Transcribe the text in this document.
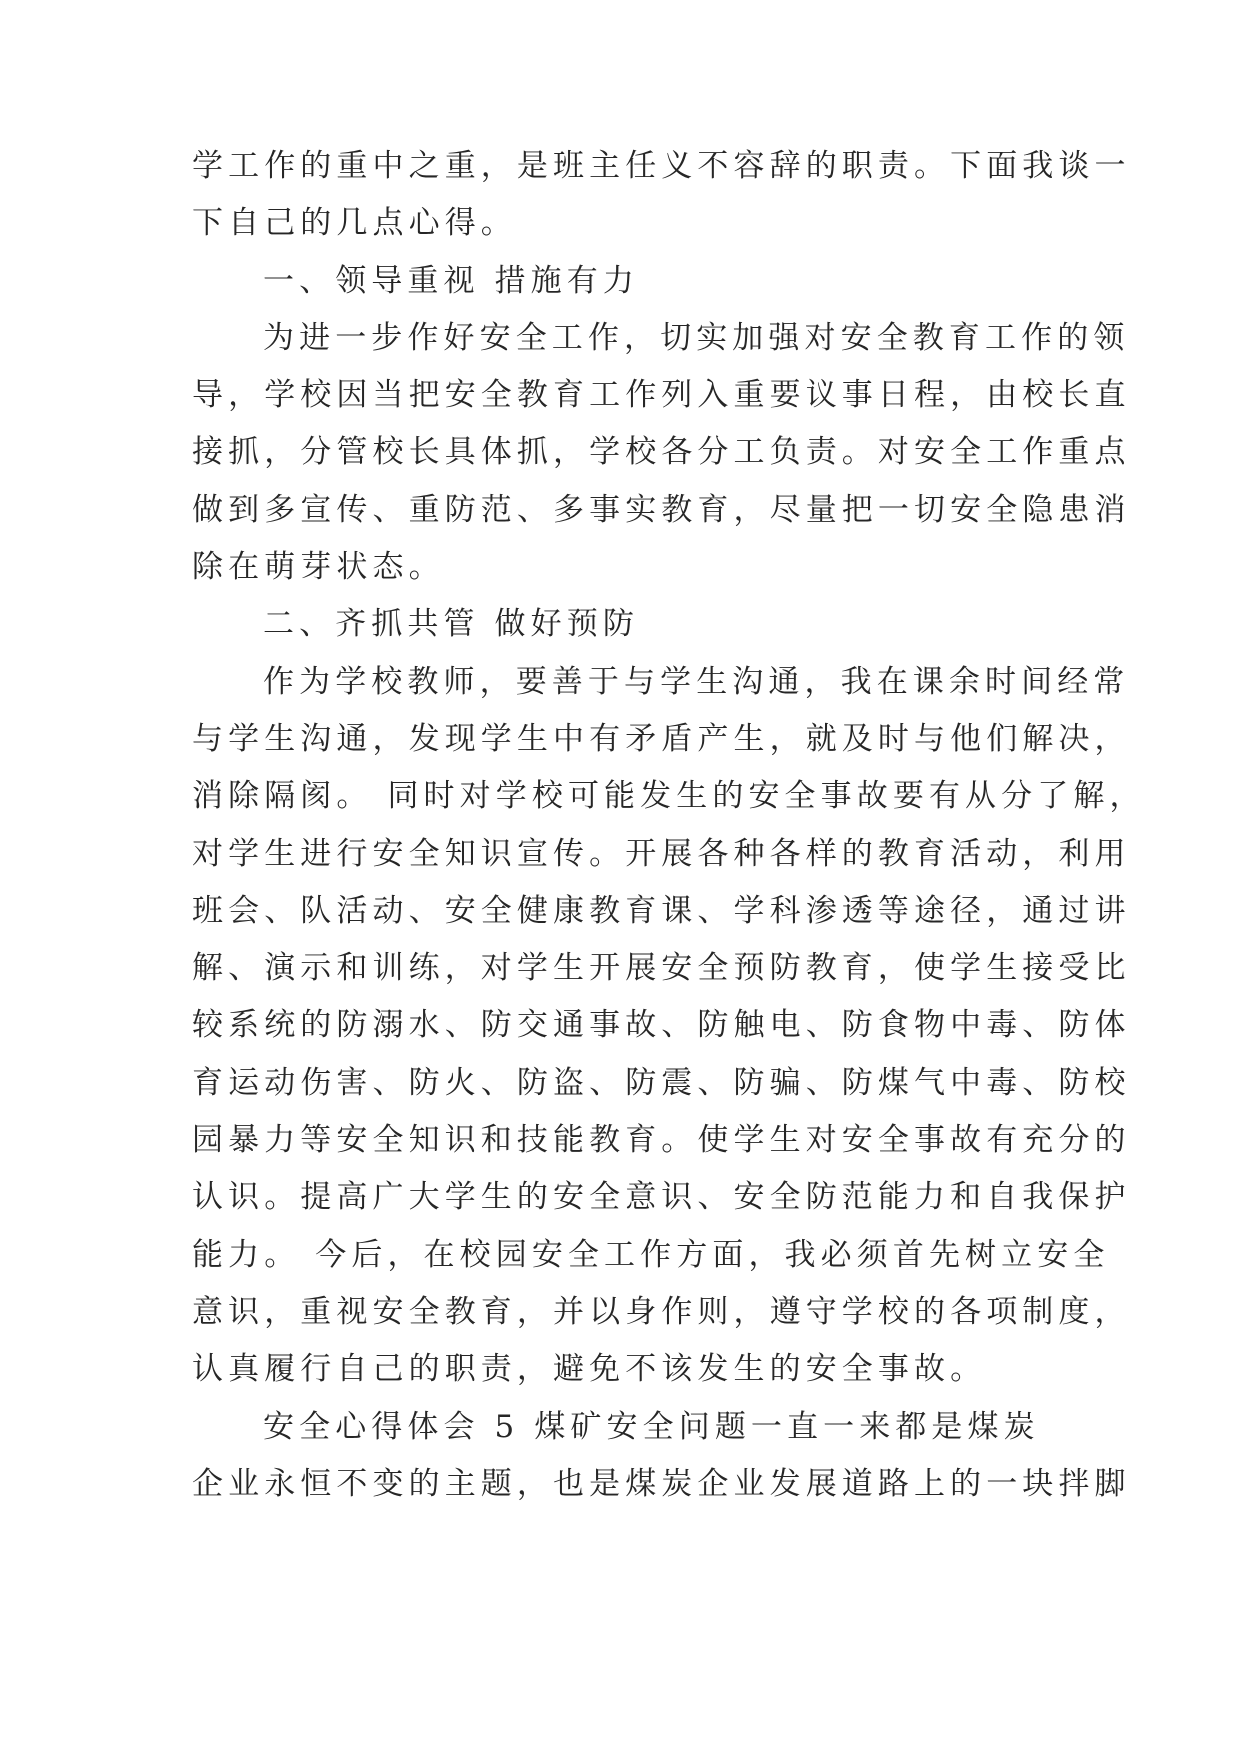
学工作的重中之重，是班主任义不容辞的职责。下面我谈一
下自己的几点心得。
一、领导重视 措施有力
为进一步作好安全工作，切实加强对安全教育工作的领
导，学校因当把安全教育工作列入重要议事日程，由校长直
接抓，分管校长具体抓，学校各分工负责。对安全工作重点
做到多宣传、重防范、多事实教育，尽量把一切安全隐患消
除在萌芽状态。
二、齐抓共管 做好预防
作为学校教师，要善于与学生沟通，我在课余时间经常
与学生沟通，发现学生中有矛盾产生，就及时与他们解决，
消除隔阂。 同时对学校可能发生的安全事故要有从分了解，
对学生进行安全知识宣传。开展各种各样的教育活动，利用
班会、队活动、安全健康教育课、学科渗透等途径，通过讲
解、演示和训练，对学生开展安全预防教育，使学生接受比
较系统的防溺水、防交通事故、防触电、防食物中毒、防体
育运动伤害、防火、防盗、防震、防骗、防煤气中毒、防校
园暴力等安全知识和技能教育。使学生对安全事故有充分的
认识。提高广大学生的安全意识、安全防范能力和自我保护
能力。 今后，在校园安全工作方面，我必须首先树立安全
意识，重视安全教育，并以身作则，遵守学校的各项制度，
认真履行自己的职责，避免不该发生的安全事故。
安全心得体会 5 煤矿安全问题一直一来都是煤炭
企业永恒不变的主题，也是煤炭企业发展道路上的一块拌脚
